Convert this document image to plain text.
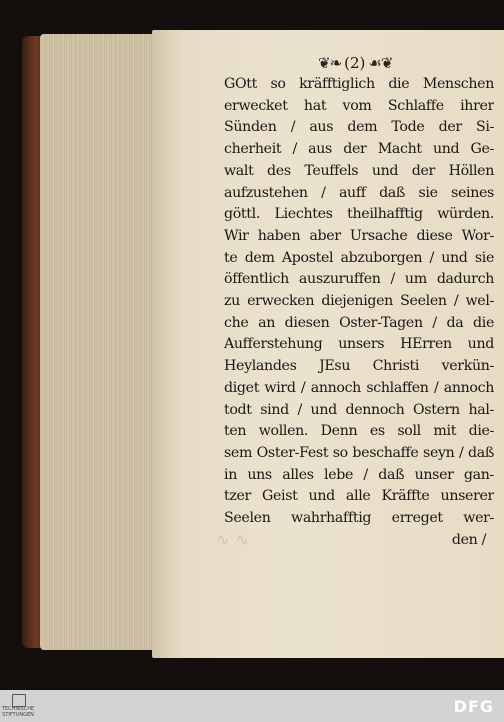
∿∿
❦❧ (2) ☙❦
GOtt so kräfftiglich die Menschen
erwecket hat vom Schlaffe ihrer
Sünden / aus dem Tode der Si-
cherheit / aus der Macht und Ge-
walt des Teuffels und der Höllen
aufzustehen / auff daß sie seines
göttl. Liechtes theilhafftig würden.
Wir haben aber Ursache diese Wor-
te dem Apostel abzuborgen / und sie
öffentlich auszuruffen / um dadurch
zu erwecken diejenigen Seelen / wel-
che an diesen Oster-Tagen / da die
Aufferstehung unsers HErren und
Heylandes JEsu Christi verkün-
diget wird / annoch schlaffen / annoch
todt sind / und dennoch Ostern hal-
ten wollen. Denn es soll mit die-
sem Oster-Fest so beschaffe seyn / daß
in uns alles lebe / daß unser gan-
tzer Geist und alle Kräffte unserer
Seelen wahrhafftig erreget wer-
den /
TECHNISCHE
STIFTUNGEN	DFG
